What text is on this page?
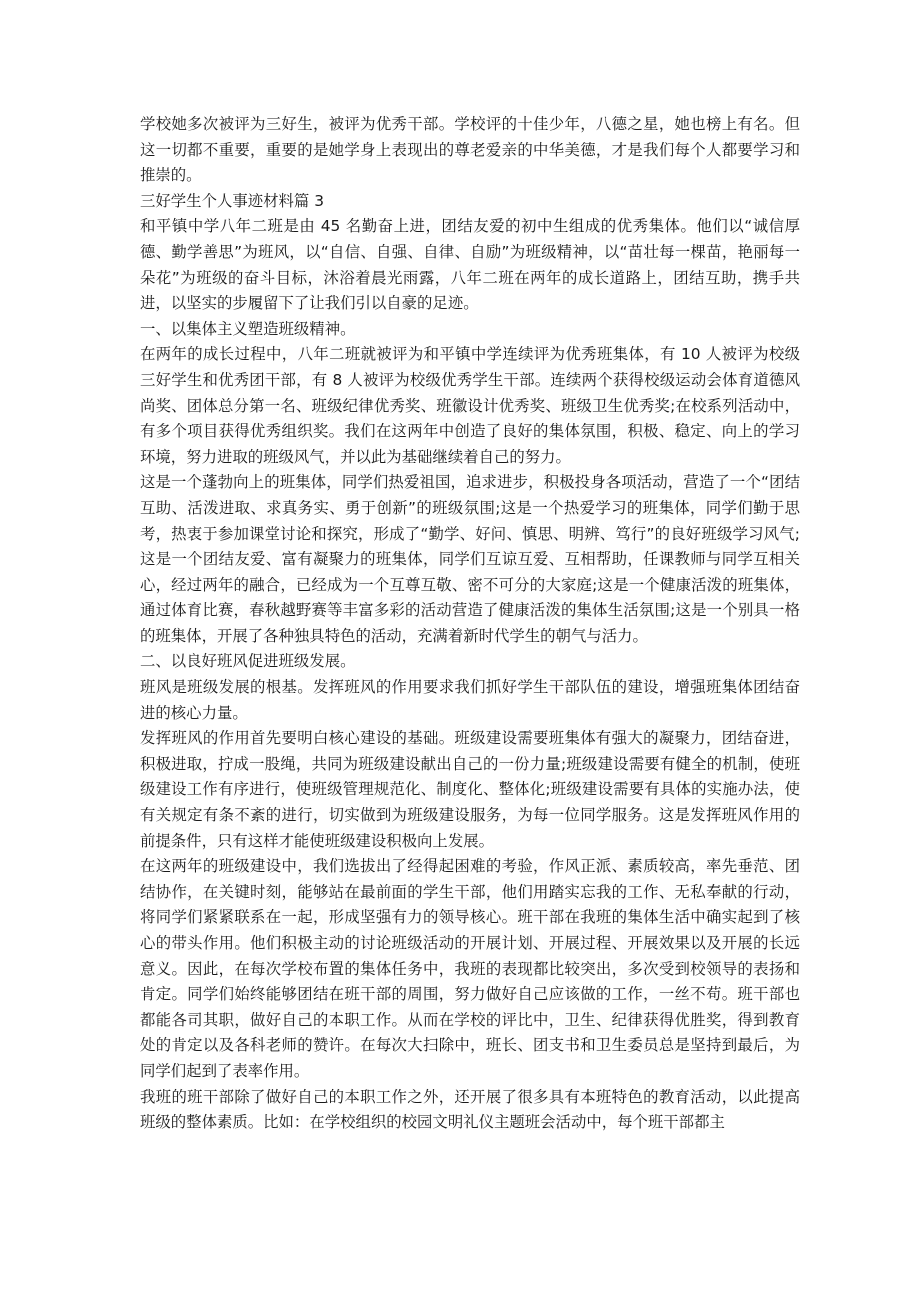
学校她多次被评为三好生，被评为优秀干部。学校评的十佳少年，八德之星，她也榜上有名。但这一切都不重要，重要的是她学身上表现出的尊老爱亲的中华美德，才是我们每个人都要学习和推崇的。

三好学生个人事迹材料篇 3

和平镇中学八年二班是由 45 名勤奋上进，团结友爱的初中生组成的优秀集体。他们以“诚信厚德、勤学善思”为班风，以“自信、自强、自律、自励”为班级精神，以“苗壮每一棵苗，艳丽每一朵花”为班级的奋斗目标，沐浴着晨光雨露，八年二班在两年的成长道路上，团结互助，携手共进，以坚实的步履留下了让我们引以自豪的足迹。

一、以集体主义塑造班级精神。

在两年的成长过程中，八年二班就被评为和平镇中学连续评为优秀班集体，有 10 人被评为校级三好学生和优秀团干部，有 8 人被评为校级优秀学生干部。连续两个获得校级运动会体育道德风尚奖、团体总分第一名、班级纪律优秀奖、班徽设计优秀奖、班级卫生优秀奖;在校系列活动中，有多个项目获得优秀组织奖。我们在这两年中创造了良好的集体氛围，积极、稳定、向上的学习环境，努力进取的班级风气，并以此为基础继续着自己的努力。

这是一个蓬勃向上的班集体，同学们热爱祖国，追求进步，积极投身各项活动，营造了一个“团结互助、活泼进取、求真务实、勇于创新”的班级氛围;这是一个热爱学习的班集体，同学们勤于思考，热衷于参加课堂讨论和探究，形成了“勤学、好问、慎思、明辨、笃行”的良好班级学习风气;这是一个团结友爱、富有凝聚力的班集体，同学们互谅互爱、互相帮助，任课教师与同学互相关心，经过两年的融合，已经成为一个互尊互敬、密不可分的大家庭;这是一个健康活泼的班集体，通过体育比赛，春秋越野赛等丰富多彩的活动营造了健康活泼的集体生活氛围;这是一个别具一格的班集体，开展了各种独具特色的活动，充满着新时代学生的朝气与活力。

二、以良好班风促进班级发展。

班风是班级发展的根基。发挥班风的作用要求我们抓好学生干部队伍的建设，增强班集体团结奋进的核心力量。

发挥班风的作用首先要明白核心建设的基础。班级建设需要班集体有强大的凝聚力，团结奋进，积极进取，拧成一股绳，共同为班级建设献出自己的一份力量;班级建设需要有健全的机制，使班级建设工作有序进行，使班级管理规范化、制度化、整体化;班级建设需要有具体的实施办法，使有关规定有条不紊的进行，切实做到为班级建设服务，为每一位同学服务。这是发挥班风作用的前提条件，只有这样才能使班级建设积极向上发展。

在这两年的班级建设中，我们选拔出了经得起困难的考验，作风正派、素质较高，率先垂范、团结协作，在关键时刻，能够站在最前面的学生干部，他们用踏实忘我的工作、无私奉献的行动，将同学们紧紧联系在一起，形成坚强有力的领导核心。班干部在我班的集体生活中确实起到了核心的带头作用。他们积极主动的讨论班级活动的开展计划、开展过程、开展效果以及开展的长远意义。因此，在每次学校布置的集体任务中，我班的表现都比较突出，多次受到校领导的表扬和肯定。同学们始终能够团结在班干部的周围，努力做好自己应该做的工作，一丝不苟。班干部也都能各司其职，做好自己的本职工作。从而在学校的评比中，卫生、纪律获得优胜奖，得到教育处的肯定以及各科老师的赞许。在每次大扫除中，班长、团支书和卫生委员总是坚持到最后，为同学们起到了表率作用。

我班的班干部除了做好自己的本职工作之外，还开展了很多具有本班特色的教育活动，以此提高班级的整体素质。比如：在学校组织的校园文明礼仪主题班会活动中，每个班干部都主
